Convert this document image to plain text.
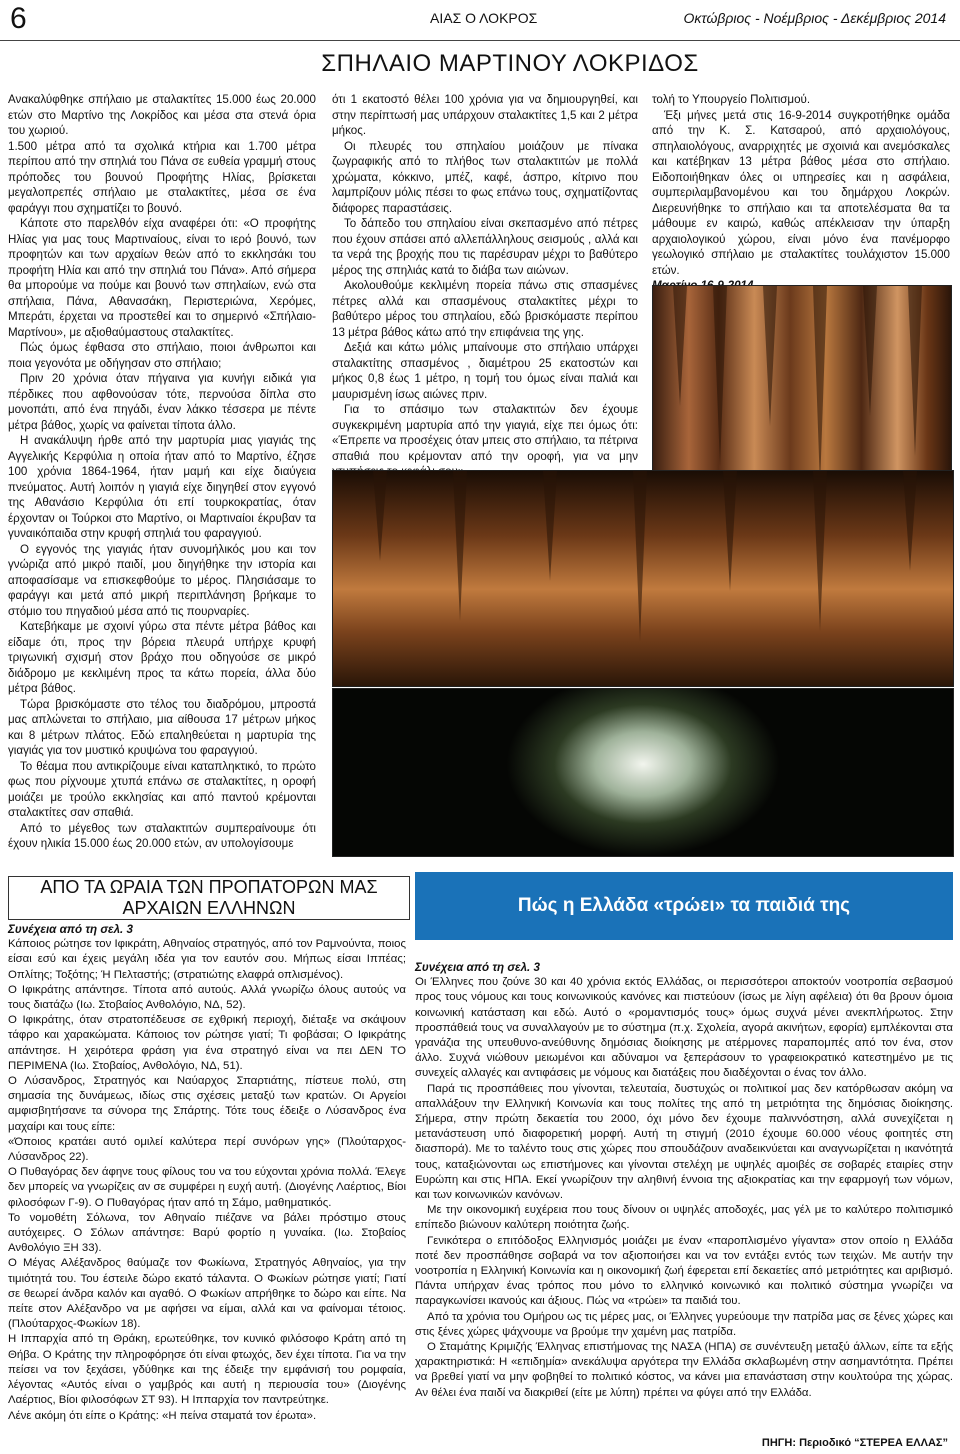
6	ΑΙΑΣ Ο ΛΟΚΡΟΣ	Οκτώβριος - Νοέμβριος - Δεκέμβριος 2014
ΣΠΗΛΑΙΟ ΜΑΡΤΙΝΟΥ ΛΟΚΡΙΔΟΣ

Ανακαλύφθηκε σπήλαιο με σταλακτίτες 15.000 έως 20.000 ετών στο Μαρτίνο της Λοκρίδος και μέσα στα στενά όρια του χωριού.

1.500 μέτρα από τα σχολικά κτήρια και 1.700 μέτρα περίπου από την σπηλιά του Πάνα σε ευθεία γραμμή στους πρόποδες του βουνού Προφήτης Ηλίας, βρίσκεται μεγαλοπρεπές σπήλαιο με σταλακτίτες, μέσα σε ένα φαράγγι που σχηματίζει το βουνό.

Κάποτε στο παρελθόν είχα αναφέρει ότι: «Ο προφήτης Ηλίας για μας τους Μαρτιναίους, είναι το ιερό βουνό, των προφητών και των αρχαίων θεών από το εκκλησάκι του προφήτη Ηλία και από την σπηλιά του Πάνα». Από σήμερα θα μπορούμε να πούμε και βουνό των σπηλαίων, ενώ στα σπήλαια, Πάνα, Αθανασάκη, Περιστεριώνα, Χερόμες, Μπεράτι, έρχεται να προστεθεί και το σημερινό «Σπήλαιο-Μαρτίνου», με αξιοθαύμαστους σταλακτίτες.

Πώς όμως έφθασα στο σπήλαιο, ποιοι άνθρωποι και ποια γεγονότα με οδήγησαν στο σπήλαιο;

Πριν 20 χρόνια όταν πήγαινα για κυνήγι ειδικά για πέρδικες που αφθονούσαν τότε, περνούσα δίπλα στο μονοπάτι, από ένα πηγάδι, έναν λάκκο τέσσερα με πέντε μέτρα βάθος, χωρίς να φαίνεται τίποτα άλλο.

Η ανακάλυψη ήρθε από την μαρτυρία μιας γιαγιάς της Αγγελικής Κερφύλια η οποία ήταν από το Μαρτίνο, έζησε 100 χρόνια 1864-1964, ήταν μαμή και είχε διαύγεια πνεύματος. Αυτή λοιπόν η γιαγιά είχε διηγηθεί στον εγγονό της Αθανάσιο Κερφύλια ότι επί τουρκοκρατίας, όταν έρχονταν οι Τούρκοι στο Μαρτίνο, οι Μαρτιναίοι έκρυβαν τα γυναικόπαιδα στην κρυφή σπηλιά του φαραγγιού.

Ο εγγονός της γιαγιάς ήταν συνομήλικός μου και τον γνώριζα από μικρό παιδί, μου διηγήθηκε την ιστορία και αποφασίσαμε να επισκεφθούμε το μέρος. Πλησιάσαμε το φαράγγι και μετά από μικρή περιπλάνηση βρήκαμε το στόμιο του πηγαδιού μέσα από τις πουρναρίες.

Κατεβήκαμε με σχοινί γύρω στα πέντε μέτρα βάθος και είδαμε ότι, προς την βόρεια πλευρά υπήρχε κρυφή τριγωνική σχισμή στον βράχο που οδηγούσε σε μικρό διάδρομο με κεκλιμένη προς τα κάτω πορεία, άλλα δύο μέτρα βάθος.

Τώρα βρισκόμαστε στο τέλος του διαδρόμου, μπροστά μας απλώνεται το σπήλαιο, μια αίθουσα 17 μέτρων μήκος και 8 μέτρων πλάτος. Εδώ επαληθεύεται η μαρτυρία της γιαγιάς για τον μυστικό κρυψώνα του φαραγγιού.

Το θέαμα που αντικρίζουμε είναι καταπληκτικό, το πρώτο φως που ρίχνουμε χτυπά επάνω σε σταλακτίτες, η οροφή μοιάζει με τρούλο εκκλησίας και από παντού κρέμονται σταλακτίτες σαν σπαθιά.

Από το μέγεθος των σταλακτιτών συμπεραίνουμε ότι έχουν ηλικία 15.000 έως 20.000 ετών, αν υπολογίσουμε

ότι 1 εκατοστό θέλει 100 χρόνια για να δημιουργηθεί, και στην περίπτωσή μας υπάρχουν σταλακτίτες 1,5 και 2 μέτρα μήκος.

Οι πλευρές του σπηλαίου μοιάζουν με πίνακα ζωγραφικής από το πλήθος των σταλακτιτών με πολλά χρώματα, κόκκινο, μπέζ, καφέ, άσπρο, κίτρινο που λαμπρίζουν μόλις πέσει το φως επάνω τους, σχηματίζοντας διάφορες παραστάσεις.

Το δάπεδο του σπηλαίου είναι σκεπασμένο από πέτρες που έχουν σπάσει από αλλεπάλληλους σεισμούς , αλλά και τα νερά της βροχής που τις παρέσυραν μέχρι το βαθύτερο μέρος της σπηλιάς κατά το διάβα των αιώνων.

Ακολουθούμε κεκλιμένη πορεία πάνω στις σπασμένες πέτρες αλλά και σπασμένους σταλακτίτες μέχρι το βαθύτερο μέρος του σπηλαίου, εδώ βρισκόμαστε περίπου 13 μέτρα βάθος κάτω από την επιφάνεια της γης.

Δεξιά και κάτω μόλις μπαίνουμε στο σπήλαιο υπάρχει σταλακτίτης σπασμένος , διαμέτρου 25 εκατοστών και μήκος 0,8 έως 1 μέτρο, η τομή του όμως είναι παλιά και μαυρισμένη ίσως αιώνες πριν.

Για το σπάσιμο των σταλακτιτών δεν έχουμε συγκεκριμένη μαρτυρία από την γιαγιά, είχε πει όμως ότι: «Έπρεπε να προσέχεις όταν μπεις στο σπήλαιο, τα πέτρινα σπαθιά που κρέμονταν από την οροφή, για να μην

τολή το Υπουργείο Πολιτισμού.

Έξι μήνες μετά στις 16-9-2014 συγκροτήθηκε ομάδα από την Κ. Σ. Κατσαρού, από αρχαιολόγους, σπηλαιολόγους, αναρριχητές με σχοινιά και ανεμόσκαλες και κατέβηκαν 13 μέτρα βάθος μέσα στο σπήλαιο. Ειδοποιήθηκαν όλες οι υπηρεσίες και η ασφάλεια, συμπεριλαμβανομένου και του δημάρχου Λοκρών. Διερευνήθηκε το σπήλαιο και τα αποτελέσματα θα τα μάθουμε εν καιρώ, καθώς απέκλεισαν την ύπαρξη αρχαιολογικού χώρου, είναι μόνο ένα πανέμορφο γεωλογικό σπήλαιο με σταλακτίτες τουλάχιστον 15.000 ετών.

ΑΠΟ ΤΑ ΩΡΑΙΑ ΤΩΝ ΠΡΟΠΑΤΟΡΩΝ ΜΑΣ
ΑΡΧΑΙΩΝ ΕΛΛΗΝΩΝ

Συνέχεια από τη σελ. 3

Κάποιος ρώτησε τον Ιφικράτη, Αθηναίος στρατηγός, από τον Ραμνούντα, ποιος είσαι εσύ και έχεις μεγάλη ιδέα για τον εαυτόν σου. Μήπως είσαι Ιππέας; Οπλίτης; Τοξότης; Ή Πελταστής; (στρατιώτης ελαφρά οπλισμένος).

Ο Ιφικράτης απάντησε. Τίποτα από αυτούς. Αλλά γνωρίζω όλους αυτούς να τους διατάζω (Ιω. Στοβαίος Ανθολόγιο, ΝΔ, 52).

Ο Ιφικράτης, όταν στρατοπέδευσε σε εχθρική περιοχή, διέταξε να σκάψουν τάφρο και χαρακώματα. Κάποιος τον ρώτησε γιατί; Τι φοβάσαι; Ο Ιφικράτης απάντησε. Η χειρότερα φράση για ένα στρατηγό είναι να πει ΔΕΝ ΤΟ ΠΕΡΙΜΕΝΑ (Ιω. Στοβαίος, Ανθολόγιο, ΝΔ, 51).

Ο Λύσανδρος, Στρατηγός και Ναύαρχος Σπαρτιάτης, πίστευε πολύ, στη σημασία της δυνάμεως, ιδίως στις σχέσεις μεταξύ των κρατών. Οι Αργείοι αμφισβητήσανε τα σύνορα της Σπάρτης. Τότε τους έδειξε ο Λύσανδρος ένα μαχαίρι και τους είπε:

«Όποιος κρατάει αυτό ομιλεί καλύτερα περί συνόρων γης» (Πλούταρχος-Λύσανδρος 22).

Ο Πυθαγόρας δεν άφηνε τους φίλους του να του εύχονται χρόνια πολλά. Έλεγε δεν μπορείς να γνωρίζεις αν σε συμφέρει η ευχή αυτή. (Διογένης Λαέρτιος, Βίοι φιλοσόφων Γ-9). Ο Πυθαγόρας ήταν από τη Σάμο, μαθηματικός.

Το νομοθέτη Σόλωνα, τον Αθηναίο πιέζανε να βάλει πρόστιμο στους αυτόχειρες. Ο Σόλων απάντησε: Βαρύ φορτίο η γυναίκα. (Ιω. Στοβαίος Ανθολόγιο ΞΗ 33).

Ο Μέγας Αλέξανδρος θαύμαζε τον Φωκίωνα, Στρατηγός Αθηναίος, για την τιμιότητά του. Του έστειλε δώρο εκατό τάλαντα. Ο Φωκίων ρώτησε γιατί; Γιατί σε θεωρεί άνδρα καλόν και αγαθό. Ο Φωκίων απρήθηκε το δώρο και είπε. Να πείτε στον Αλέξανδρο να με αφήσει να είμαι, αλλά και να φαίνομαι τέτοιος. (Πλούταρχος-Φωκίων 18).

Η Ιππαρχία από τη Θράκη, ερωτεύθηκε, τον κυνικό φιλόσοφο Κράτη από τη Θήβα. Ο Κράτης την πληροφόρησε ότι είναι φτωχός, δεν έχει τίποτα. Για να την πείσει να τον ξεχάσει, γδύθηκε και της έδειξε την εμφάνισή του ρομφαία, λέγοντας «Αυτός είναι ο γαμβρός και αυτή η περιουσία του» (Διογένης Λαέρτιος, Βίοι φιλοσόφων ΣΤ 93). Η Ιππαρχία τον παντρεύτηκε.

Λένε ακόμη ότι είπε ο Κράτης: «Η πείνα σταματά τον έρωτα».

Πώς η Ελλάδα «τρώει» τα παιδιά της

Συνέχεια από τη σελ. 3

Οι Έλληνες που ζούνε 30 και 40 χρόνια εκτός Ελλάδας, οι περισσότεροι αποκτούν νοοτροπία σεβασμού προς τους νόμους και τους κοινωνικούς κανόνες και πιστεύουν (ίσως με λίγη αφέλεια) ότι θα βρουν όμοια κοινωνική κατάσταση και εδώ. Αυτό ο «ρομαντισμός τους» όμως συχνά μένει ανεκπλήρωτος. Στην προσπάθειά τους να συναλλαγούν με το σύστημα (π.χ. Σχολεία, αγορά ακινήτων, εφορία) εμπλέκονται στα γρανάζια της υπευθυνο-ανεύθυνης δημόσιας διοίκησης με ατέρμονες παραπομπές από τον ένα, στον άλλο. Συχνά νιώθουν μειωμένοι και αδύναμοι να ξεπεράσουν το γραφειοκρατικό κατεστημένο με τις συνεχείς αλλαγές και αντιφάσεις με νόμους και διατάξεις που διαδέχονται ο ένας τον άλλο.

Παρά τις προσπάθειες που γίνονται, τελευταία, δυστυχώς οι πολιτικοί μας δεν κατόρθωσαν ακόμη να απαλλάξουν την Ελληνική Κοινωνία και τους πολίτες της από τη μετριότητα της δημόσιας διοίκησης. Σήμερα, στην πρώτη δεκαετία του 2000, όχι μόνο δεν έχουμε παλιννόστηση, αλλά συνεχίζεται η μετανάστευση υπό διαφορετική μορφή. Αυτή τη στιγμή (2010 έχουμε 60.000 νέους φοιτητές στη διασπορά). Με το ταλέντο τους στις χώρες που σπουδάζουν αναδεικνύεται και αναγνωρίζεται η ικανότητά τους, καταξιώνονται ως επιστήμονες και γίνονται στελέχη με υψηλές αμοιβές σε σοβαρές εταιρίες στην Ευρώπη και στις ΗΠΑ. Εκεί γνωρίζουν την αληθινή έννοια της αξιοκρατίας και την εφαρμογή των νόμων, και των κοινωνικών κανόνων.

Με την οικονομική ευχέρεια που τους δίνουν οι υψηλές αποδοχές, μας γέλ με το καλύτερο πολιτισμικό επίπεδο βιώνουν καλύτερη ποιότητα ζωής.

Γενικότερα ο επιτόδοξος Ελληνισμός μοιάζει με έναν «παροπλισμένο γίγαντα» στον οποίο η Ελλάδα ποτέ δεν προσπάθησε σοβαρά να τον αξιοποιήσει και να τον εντάξει εντός των τειχών. Με αυτήν την νοοτροπία η Ελληνική Κοινωνία και η οικονομική ζωή έφερεται επί δεκαετίες από μετριότητες και αριβισμό. Πάντα υπήρχαν ένας τρόπος που μόνο το ελληνικό κοινωνικό και πολιτικό σύστημα γνωρίζει να παραγκωνίσει ικανούς και άξιους. Πώς να «τρώει» τα παιδιά του.

Από τα χρόνια του Ομήρου ως τις μέρες μας, οι Έλληνες γυρεύουμε την πατρίδα μας σε ξένες χώρες και στις ξένες χώρες ψάχνουμε να βρούμε την χαμένη μας πατρίδα.

Ο Σταμάτης Κριμιζής Έλληνας επιστήμονας της ΝΑΣΑ (ΗΠΑ) σε συνέντευξη μεταξύ άλλων, είπε τα εξής χαρακτηριστικά: Η «επιδημία» ανεκάλυψα αργότερα την Ελλάδα σκλαβωμένη στην ασημαντότητα. Πρέπει να βρεθεί γιατί να μην φοβηθεί το πολιτικό κόστος, να κάνει μια επανάσταση στην κουλτούρα της χώρας. Αν θέλει ένα παιδί να διακριθεί (είτε με λύπη) πρέπει να φύγει από την Ελλάδα.

ΠΗΓΗ: Περιοδικό “ΣΤΕΡΕΑ ΕΛΛΑΣ”
